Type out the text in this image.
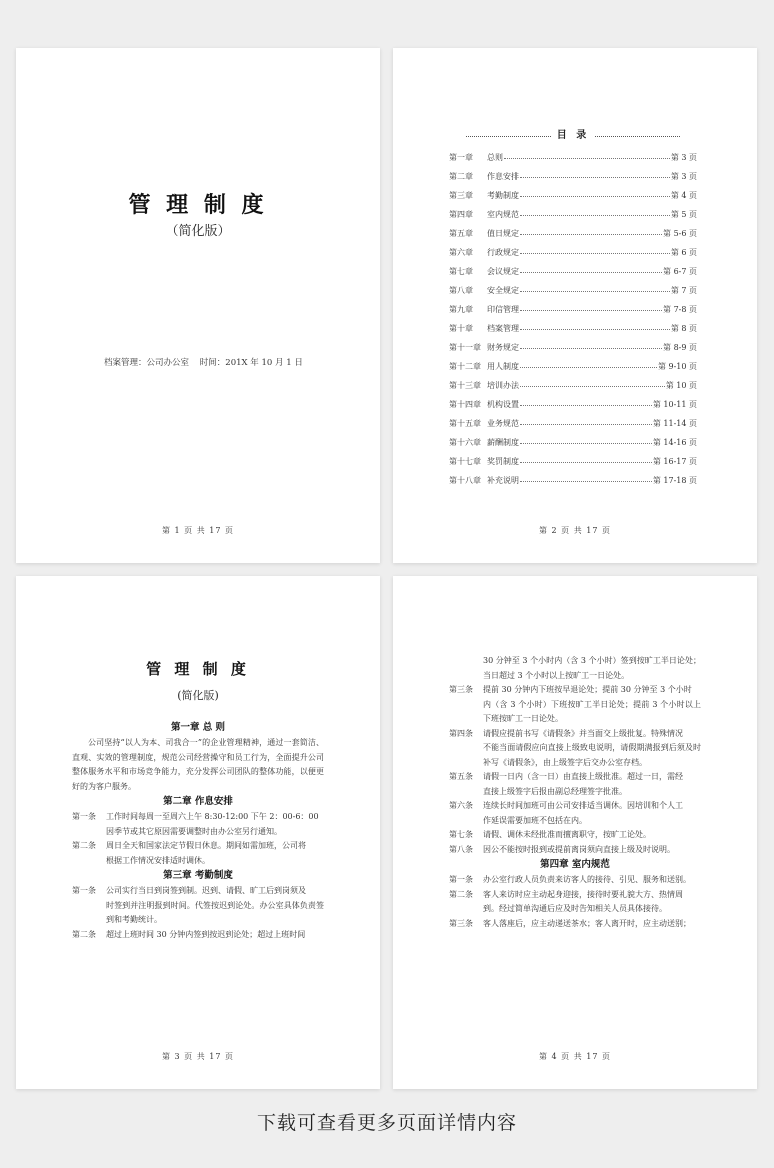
管 理 制 度
（简化版）
档案管理：公司办公室    时间：201X 年 10 月 1 日
第 1 页 共 17 页
目 录
第一章	总则	第 3 页
第二章	作息安排	第 3 页
第三章	考勤制度	第 4 页
第四章	室内规范	第 5 页
第五章	值日规定	第 5-6 页
第六章	行政规定	第 6 页
第七章	会议规定	第 6-7 页
第八章	安全规定	第 7 页
第九章	印信管理	第 7-8 页
第十章	档案管理	第 8 页
第十一章 财务规定	第 8-9 页
第十二章 用人制度	第 9-10 页
第十三章 培训办法	第 10 页
第十四章 机构设置	第 10-11 页
第十五章 业务规范	第 11-14 页
第十六章 薪酬制度	第 14-16 页
第十七章 奖罚制度	第 16-17 页
第十八章 补充说明	第 17-18 页
第 2 页 共 17 页
管 理 制 度
(简化版)
第一章 总 则
公司坚持“以人为本、司我合一”的企业管理精神，通过一套简洁、直观、实效的管理制度，规范公司经营操守和员工行为，全面提升公司整体服务水平和市场竞争能力，充分发挥公司团队的整体功能，以便更好的为客户服务。
第二章 作息安排
第一条	工作时间每周一至周六上午 8:30-12:00 下午 2：00-6：00
因季节或其它原因需要调整时由办公室另行通知。
第二条	周日全天和国家法定节假日休息。期间如需加班，公司将
根据工作情况安排适时调休。
第三章 考勤制度
第一条	公司实行当日到岗签到制。迟到、请假、旷工后到岗须及
时签到并注明报到时间。代签按迟到论处。办公室具体负责签到和考勤统计。
第二条	超过上班时间 30 分钟内签到按迟到论处；超过上班时间
第 3 页 共 17 页
30 分钟至 3 个小时内（含 3 个小时）签到按旷工半日论处；当日超过 3 个小时以上按旷工一日论处。
第三条	提前 30 分钟内下班按早退论处；提前 30 分钟至 3 个小时
内（含 3 个小时）下班按旷工半日论处；提前 3 个小时以上下班按旷工一日论处。
第四条	请假应提前书写《请假条》并当面交上级批复。特殊情况
不能当面请假应向直接上级致电说明，请假期满报到后须及时补写《请假条》，由上级签字后交办公室存档。
第五条	请假一日内（含一日）由直接上级批准。超过一日，需经
直接上级签字后报由副总经理签字批准。
第六条	连续长时间加班可由公司安排适当调休。因培训和个人工
作延误需要加班不包括在内。
第七条	请假、调休未经批准而擅离职守，按旷工论处。
第八条	因公不能按时报到或提前离岗须向直接上级及时说明。
第四章 室内规范
第一条	办公室行政人员负责来访客人的接待、引见、服务和送别。
第二条	客人来访时应主动起身迎接，接待时要礼貌大方、热情周
到。经过简单沟通后应及时告知相关人员具体接待。
第三条	客人落座后，应主动递送茶水；客人离开时，应主动送别；
第 4 页 共 17 页
下载可查看更多页面详情内容
